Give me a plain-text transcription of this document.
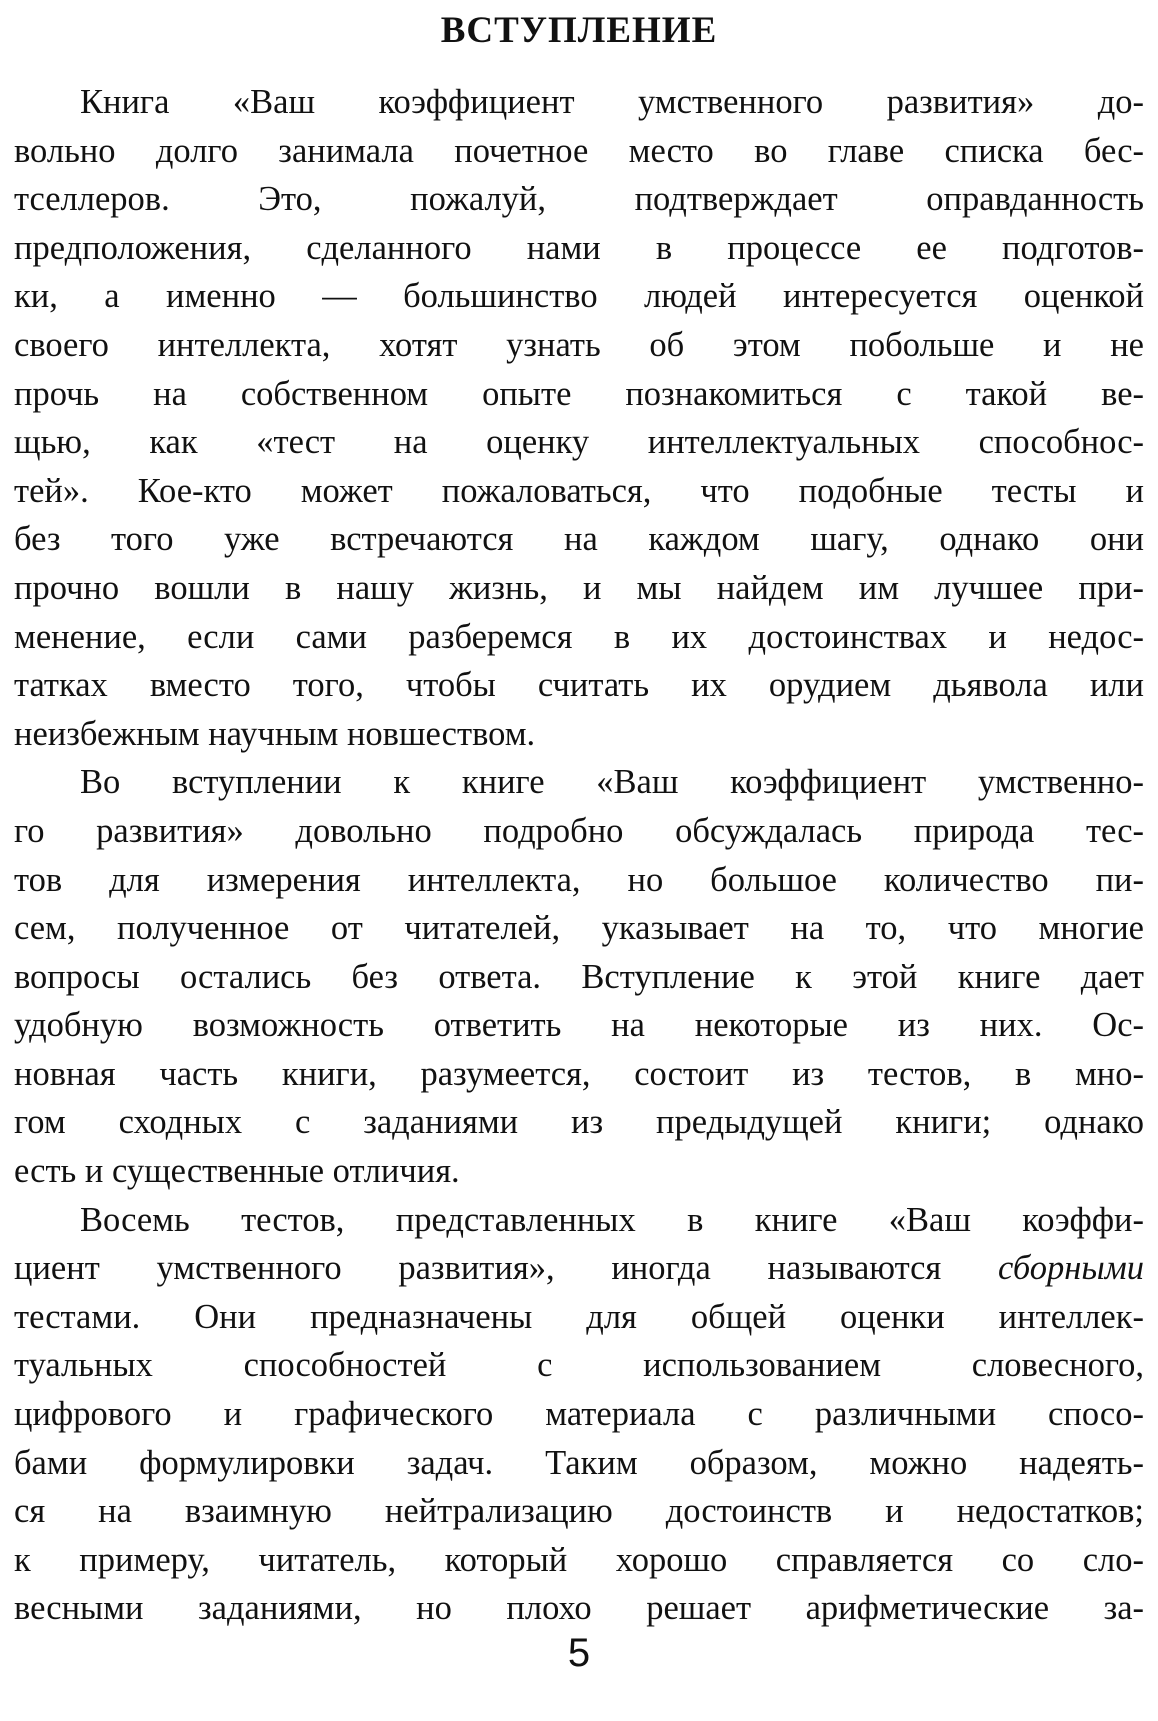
ВСТУПЛЕНИЕ

Книга «Ваш коэффициент умственного развития» до-
вольно долго занимала почетное место во главе списка бес-
тселлеров. Это, пожалуй, подтверждает оправданность
предположения, сделанного нами в процессе ее подготов-
ки, а именно — большинство людей интересуется оценкой
своего интеллекта, хотят узнать об этом побольше и не
прочь на собственном опыте познакомиться с такой ве-
щью, как «тест на оценку интеллектуальных способнос-
тей». Кое-кто может пожаловаться, что подобные тесты и
без того уже встречаются на каждом шагу, однако они
прочно вошли в нашу жизнь, и мы найдем им лучшее при-
менение, если сами разберемся в их достоинствах и недос-
татках вместо того, чтобы считать их орудием дьявола или
неизбежным научным новшеством.

Во вступлении к книге «Ваш коэффициент умственно-
го развития» довольно подробно обсуждалась природа тес-
тов для измерения интеллекта, но большое количество пи-
сем, полученное от читателей, указывает на то, что многие
вопросы остались без ответа. Вступление к этой книге дает
удобную возможность ответить на некоторые из них. Ос-
новная часть книги, разумеется, состоит из тестов, в мно-
гом сходных с заданиями из предыдущей книги; однако
есть и существенные отличия.

Восемь тестов, представленных в книге «Ваш коэффи-
циент умственного развития», иногда называются сборными
тестами. Они предназначены для общей оценки интеллек-
туальных способностей с использованием словесного,
цифрового и графического материала с различными спосо-
бами формулировки задач. Таким образом, можно надеять-
ся на взаимную нейтрализацию достоинств и недостатков;
к примеру, читатель, который хорошо справляется со сло-
весными заданиями, но плохо решает арифметические за-

5
